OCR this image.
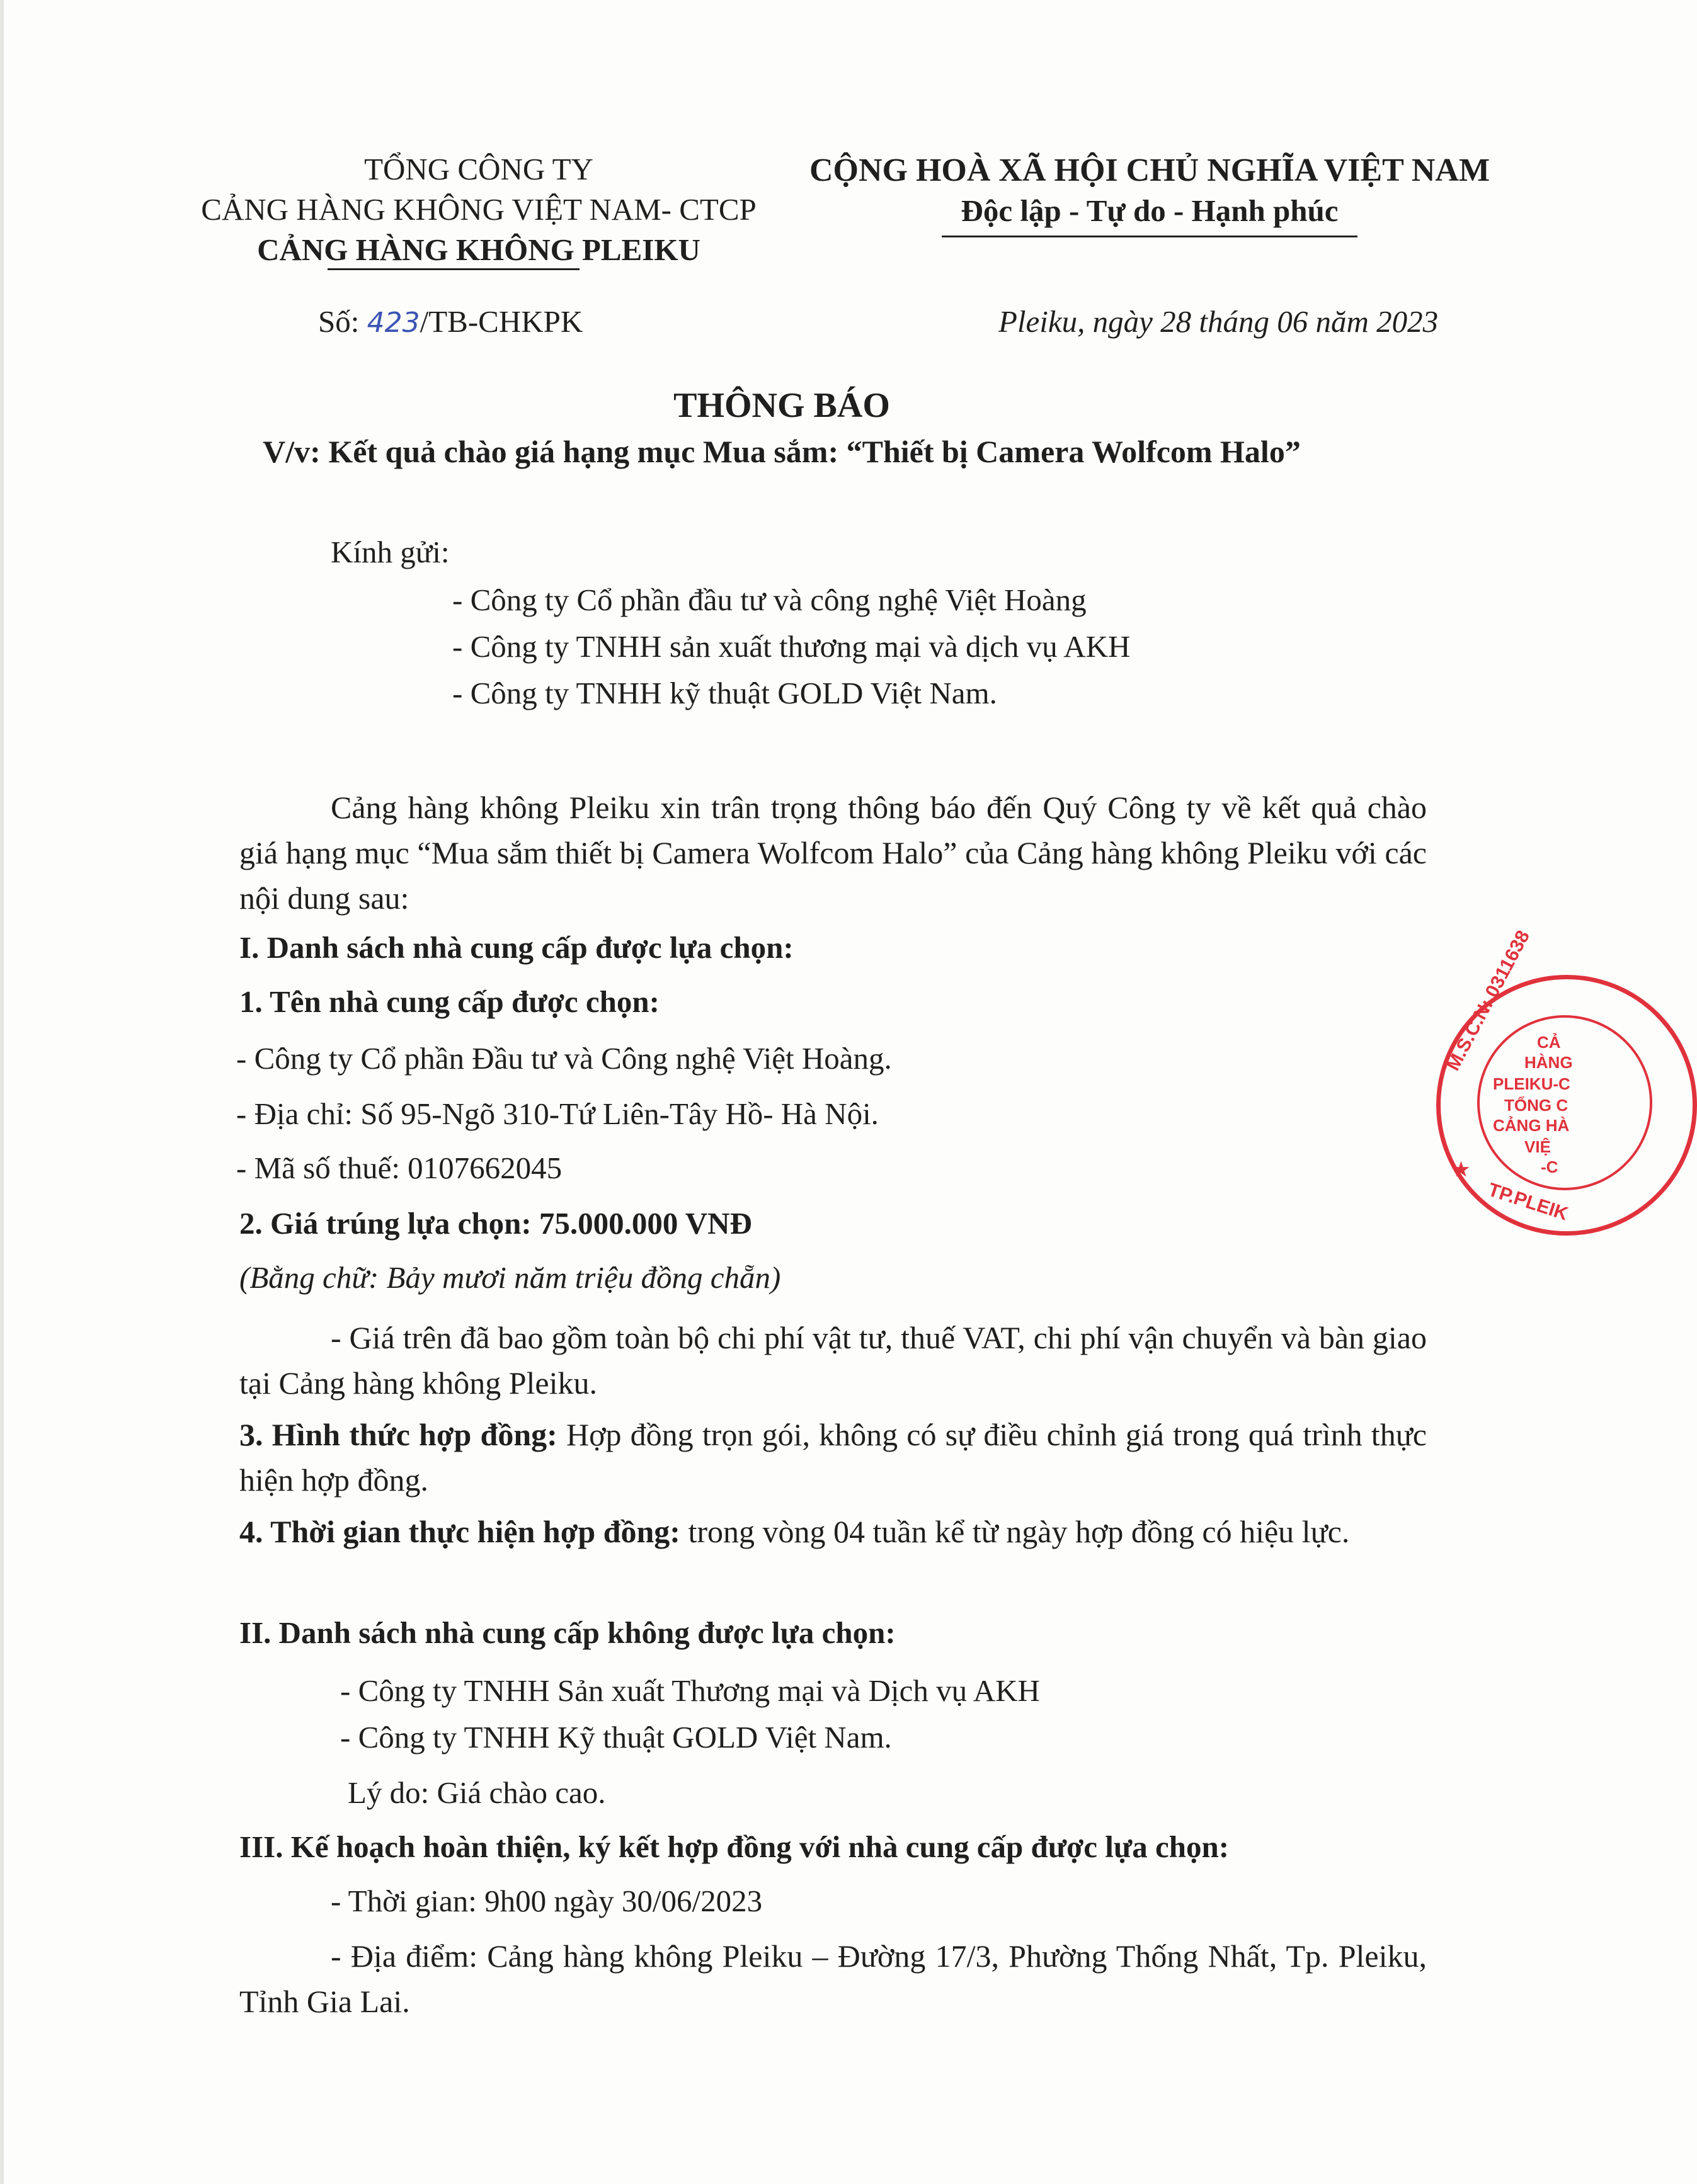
TỔNG CÔNG TY
CẢNG HÀNG KHÔNG VIỆT NAM- CTCP
CẢNG HÀNG KHÔNG PLEIKU
CỘNG HOÀ XÃ HỘI CHỦ NGHĨA VIỆT NAM
Độc lập - Tự do - Hạnh phúc
Số: 423/TB-CHKPK	Pleiku, ngày 28 tháng 06 năm 2023
THÔNG BÁO
V/v: Kết quả chào giá hạng mục Mua sắm: “Thiết bị Camera Wolfcom Halo”
Kính gửi:
- Công ty Cổ phần đầu tư và công nghệ Việt Hoàng
- Công ty TNHH sản xuất thương mại và dịch vụ AKH
- Công ty TNHH kỹ thuật GOLD Việt Nam.
Cảng hàng không Pleiku xin trân trọng thông báo đến Quý Công ty về kết quả chào giá hạng mục “Mua sắm thiết bị Camera Wolfcom Halo” của Cảng hàng không Pleiku với các nội dung sau:
I. Danh sách nhà cung cấp được lựa chọn:
1. Tên nhà cung cấp được chọn:
- Công ty Cổ phần Đầu tư và Công nghệ Việt Hoàng.
- Địa chỉ: Số 95-Ngõ 310-Tứ Liên-Tây Hồ- Hà Nội.
- Mã số thuế: 0107662045
2. Giá trúng lựa chọn: 75.000.000 VNĐ
(Bằng chữ: Bảy mươi năm triệu đồng chẵn)
- Giá trên đã bao gồm toàn bộ chi phí vật tư, thuế VAT, chi phí vận chuyển và bàn giao tại Cảng hàng không Pleiku.
3. Hình thức hợp đồng: Hợp đồng trọn gói, không có sự điều chỉnh giá trong quá trình thực hiện hợp đồng.
4. Thời gian thực hiện hợp đồng: trong vòng 04 tuần kể từ ngày hợp đồng có hiệu lực.
II. Danh sách nhà cung cấp không được lựa chọn:
- Công ty TNHH Sản xuất Thương mại và Dịch vụ AKH
- Công ty TNHH Kỹ thuật GOLD Việt Nam.
Lý do: Giá chào cao.
III. Kế hoạch hoàn thiện, ký kết hợp đồng với nhà cung cấp được lựa chọn:
- Thời gian: 9h00 ngày 30/06/2023
- Địa điểm: Cảng hàng không Pleiku – Đường 17/3, Phường Thống Nhất, Tp. Pleiku, Tỉnh Gia Lai.
M.S.C.N: 0311638 CẢ
HÀNG
PLEIKU-C
TỔNG C
CẢNG HÀ
VIỆ
-C
TP.PLEIK
★
